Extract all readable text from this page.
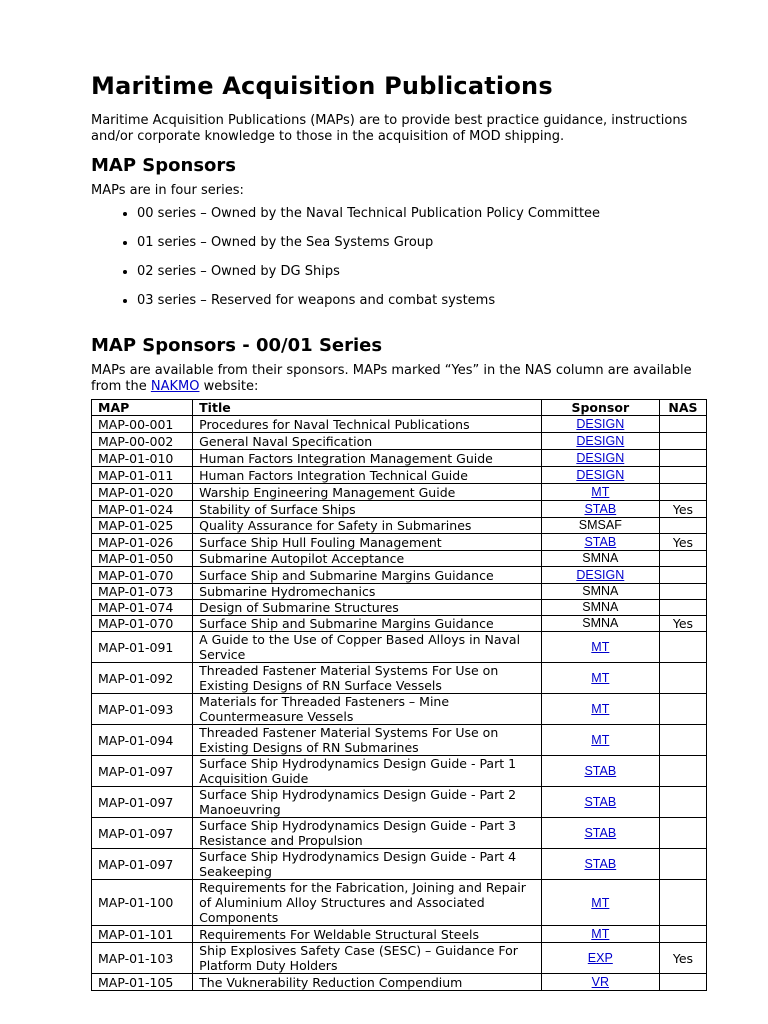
Maritime Acquisition Publications

Maritime Acquisition Publications (MAPs) are to provide best practice guidance, instructions and/or corporate knowledge to those in the acquisition of MOD shipping.

MAP Sponsors

MAPs are in four series:

• 00 series – Owned by the Naval Technical Publication Policy Committee
• 01 series – Owned by the Sea Systems Group
• 02 series – Owned by DG Ships
• 03 series – Reserved for weapons and combat systems
MAP Sponsors - 00/01 Series

MAPs are available from their sponsors. MAPs marked “Yes” in the NAS column are available from the NAKMO website:

MAP	Title	Sponsor	NAS
MAP-00-001	Procedures for Naval Technical Publications	DESIGN	
MAP-00-002	General Naval Specification	DESIGN	
MAP-01-010	Human Factors Integration Management Guide	DESIGN	
MAP-01-011	Human Factors Integration Technical Guide	DESIGN	
MAP-01-020	Warship Engineering Management Guide	MT	
MAP-01-024	Stability of Surface Ships	STAB	Yes
MAP-01-025	Quality Assurance for Safety in Submarines	SMSAF	
MAP-01-026	Surface Ship Hull Fouling Management	STAB	Yes
MAP-01-050	Submarine Autopilot Acceptance	SMNA	
MAP-01-070	Surface Ship and Submarine Margins Guidance	DESIGN	
MAP-01-073	Submarine Hydromechanics	SMNA	
MAP-01-074	Design of Submarine Structures	SMNA	
MAP-01-070	Surface Ship and Submarine Margins Guidance	SMNA	Yes
MAP-01-091	A Guide to the Use of Copper Based Alloys in Naval Service	MT	
MAP-01-092	Threaded Fastener Material Systems For Use on Existing Designs of RN Surface Vessels	MT	
MAP-01-093	Materials for Threaded Fasteners – Mine Countermeasure Vessels	MT	
MAP-01-094	Threaded Fastener Material Systems For Use on Existing Designs of RN Submarines	MT	
MAP-01-097	Surface Ship Hydrodynamics Design Guide - Part 1 Acquisition Guide	STAB	
MAP-01-097	Surface Ship Hydrodynamics Design Guide - Part 2 Manoeuvring	STAB	
MAP-01-097	Surface Ship Hydrodynamics Design Guide - Part 3 Resistance and Propulsion	STAB	
MAP-01-097	Surface Ship Hydrodynamics Design Guide - Part 4 Seakeeping	STAB	
MAP-01-100	Requirements for the Fabrication, Joining and Repair of Aluminium Alloy Structures and Associated Components	MT	
MAP-01-101	Requirements For Weldable Structural Steels	MT	
MAP-01-103	Ship Explosives Safety Case (SESC) – Guidance For Platform Duty Holders	EXP	Yes
MAP-01-105	The Vuknerability Reduction Compendium	VR	
